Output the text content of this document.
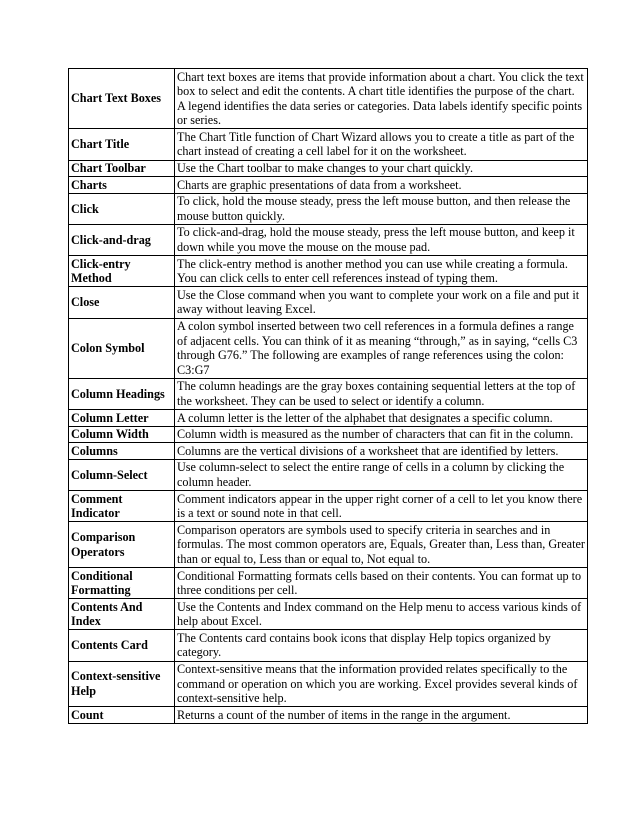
Chart Text Boxes	Chart text boxes are items that provide information about a chart. You click the text box to select and edit the contents. A chart title identifies the purpose of the chart. A legend identifies the data series or categories. Data labels identify specific points or series.
Chart Title	The Chart Title function of Chart Wizard allows you to create a title as part of the chart instead of creating a cell label for it on the worksheet.
Chart Toolbar	Use the Chart toolbar to make changes to your chart quickly.
Charts	Charts are graphic presentations of data from a worksheet.
Click	To click, hold the mouse steady, press the left mouse button, and then release the mouse button quickly.
Click-and-drag	To click-and-drag, hold the mouse steady, press the left mouse button, and keep it down while you move the mouse on the mouse pad.
Click-entry Method	The click-entry method is another method you can use while creating a formula. You can click cells to enter cell references instead of typing them.
Close	Use the Close command when you want to complete your work on a file and put it away without leaving Excel.
Colon Symbol	A colon symbol inserted between two cell references in a formula defines a range of adjacent cells. You can think of it as meaning “through,” as in saying, “cells C3 through G76.” The following are examples of range references using the colon: C3:G7
Column Headings	The column headings are the gray boxes containing sequential letters at the top of the worksheet. They can be used to select or identify a column.
Column Letter	A column letter is the letter of the alphabet that designates a specific column.
Column Width	Column width is measured as the number of characters that can fit in the column.
Columns	Columns are the vertical divisions of a worksheet that are identified by letters.
Column-Select	Use column-select to select the entire range of cells in a column by clicking the column header.
Comment Indicator	Comment indicators appear in the upper right corner of a cell to let you know there is a text or sound note in that cell.
Comparison Operators	Comparison operators are symbols used to specify criteria in searches and in formulas. The most common operators are, Equals, Greater than, Less than, Greater than or equal to, Less than or equal to, Not equal to.
Conditional Formatting	Conditional Formatting formats cells based on their contents. You can format up to three conditions per cell.
Contents And Index	Use the Contents and Index command on the Help menu to access various kinds of help about Excel.
Contents Card	The Contents card contains book icons that display Help topics organized by category.
Context-sensitive Help	Context-sensitive means that the information provided relates specifically to the command or operation on which you are working. Excel provides several kinds of context-sensitive help.
Count	Returns a count of the number of items in the range in the argument.
